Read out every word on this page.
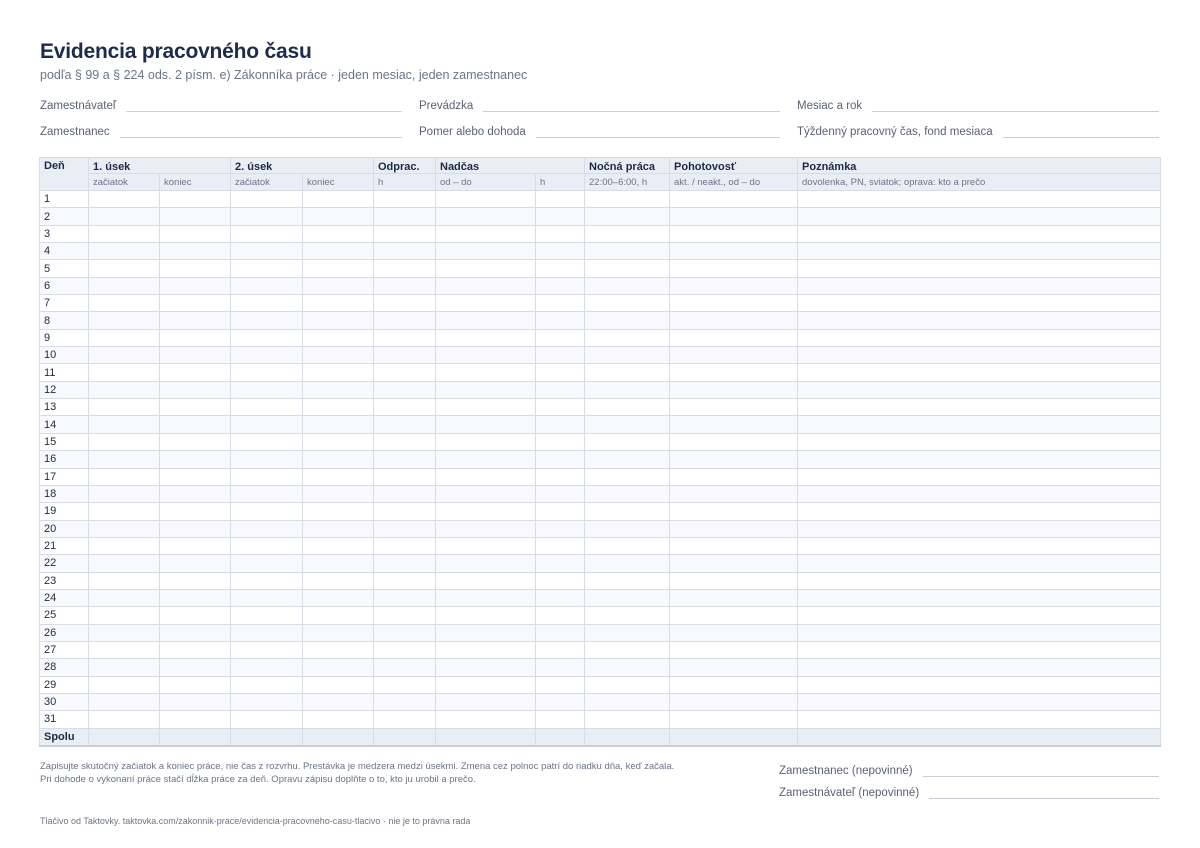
Evidencia pracovného času
podľa § 99 a § 224 ods. 2 písm. e) Zákonníka práce · jeden mesiac, jeden zamestnanec
Zamestnávateľ	Prevádzka	Mesiac a rok
Zamestnanec	Pomer alebo dohoda	Týždenný pracovný čas, fond mesiaca
Deň	1. úsek		2. úsek		Odprac.	Nadčas		Nočná práca	Pohotovosť	Poznámka
	začiatok	koniec	začiatok	koniec	h	od – do	h	22:00–6:00, h	akt. / neakt., od – do	dovolenka, PN, sviatok; oprava: kto a prečo
1										
2										
3										
4										
5										
6										
7										
8										
9										
10										
11										
12										
13										
14										
15										
16										
17										
18										
19										
20										
21										
22										
23										
24										
25										
26										
27										
28										
29										
30										
31										
Spolu										
Zapisujte skutočný začiatok a koniec práce, nie čas z rozvrhu. Prestávka je medzera medzi úsekmi. Zmena cez polnoc patrí do riadku dňa, keď začala.
Pri dohode o vykonaní práce stačí dĺžka práce za deň. Opravu zápisu doplňte o to, kto ju urobil a prečo.
Zamestnanec (nepovinné)
Zamestnávateľ (nepovinné)
Tlačivo od Taktovky. taktovka.com/zakonnik-prace/evidencia-pracovneho-casu-tlacivo · nie je to právna rada
